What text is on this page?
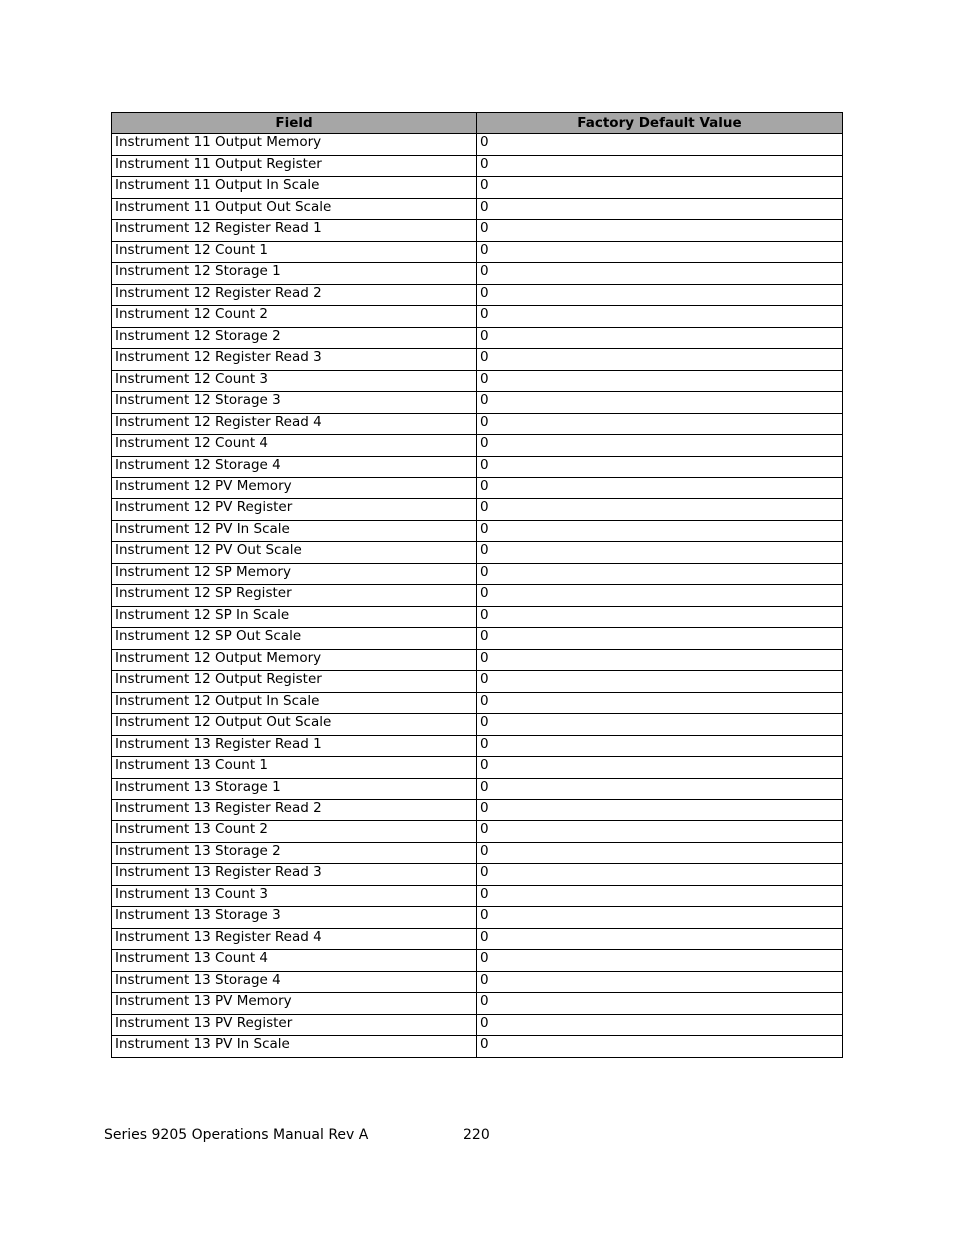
Field	Factory Default Value
Instrument 11 Output Memory	0
Instrument 11 Output Register	0
Instrument 11 Output In Scale	0
Instrument 11 Output Out Scale	0
Instrument 12 Register Read 1	0
Instrument 12 Count 1	0
Instrument 12 Storage 1	0
Instrument 12 Register Read 2	0
Instrument 12 Count 2	0
Instrument 12 Storage 2	0
Instrument 12 Register Read 3	0
Instrument 12 Count 3	0
Instrument 12 Storage 3	0
Instrument 12 Register Read 4	0
Instrument 12 Count 4	0
Instrument 12 Storage 4	0
Instrument 12 PV Memory	0
Instrument 12 PV Register	0
Instrument 12 PV In Scale	0
Instrument 12 PV Out Scale	0
Instrument 12 SP Memory	0
Instrument 12 SP Register	0
Instrument 12 SP In Scale	0
Instrument 12 SP Out Scale	0
Instrument 12 Output Memory	0
Instrument 12 Output Register	0
Instrument 12 Output In Scale	0
Instrument 12 Output Out Scale	0
Instrument 13 Register Read 1	0
Instrument 13 Count 1	0
Instrument 13 Storage 1	0
Instrument 13 Register Read 2	0
Instrument 13 Count 2	0
Instrument 13 Storage 2	0
Instrument 13 Register Read 3	0
Instrument 13 Count 3	0
Instrument 13 Storage 3	0
Instrument 13 Register Read 4	0
Instrument 13 Count 4	0
Instrument 13 Storage 4	0
Instrument 13 PV Memory	0
Instrument 13 PV Register	0
Instrument 13 PV In Scale	0
Series 9205 Operations Manual Rev A	220
